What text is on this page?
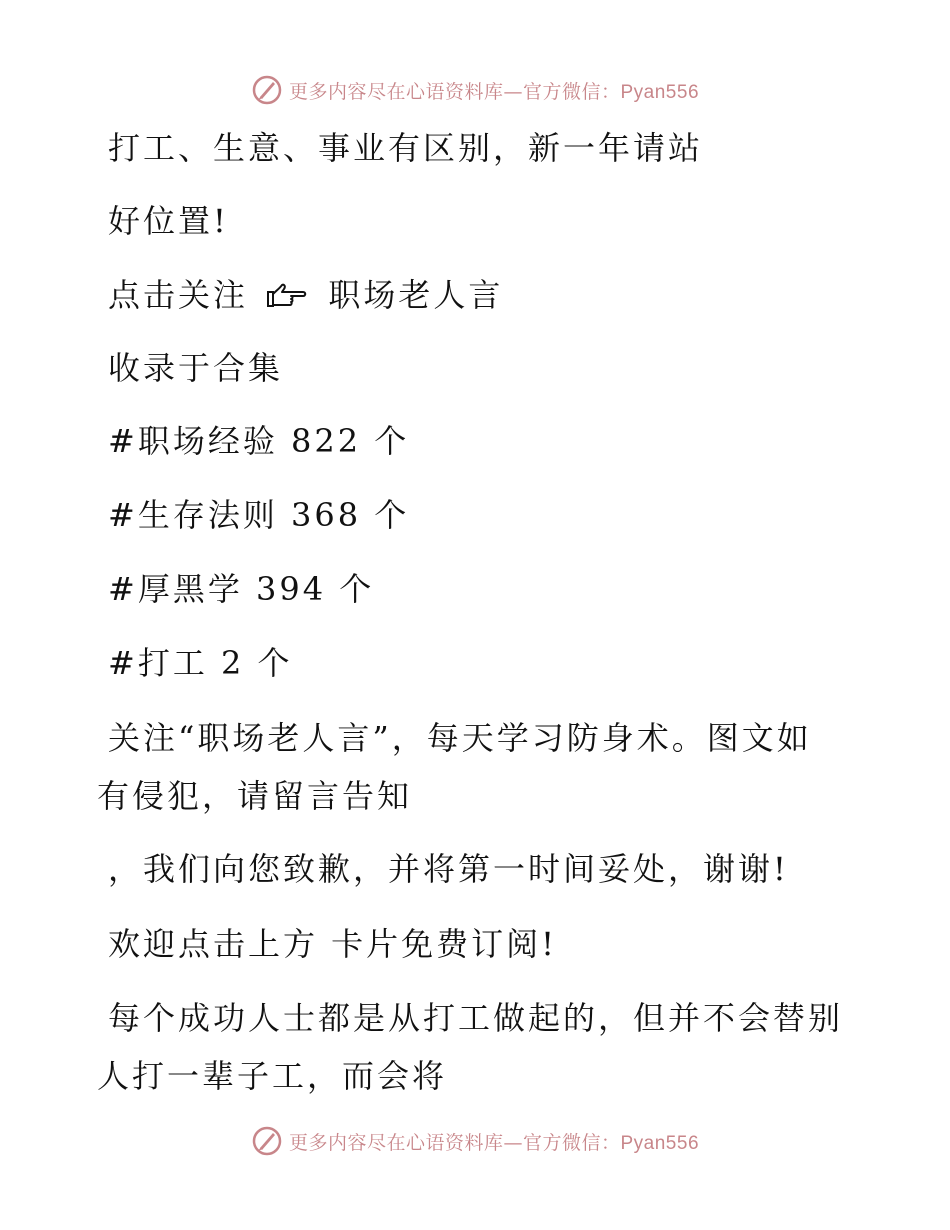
更多内容尽在心语资料库—官方微信：Pyan556
打工、生意、事业有区别，新一年请站
好位置!
点击关注	职场老人言
收录于合集
#职场经验 822 个
#生存法则 368 个
#厚黑学 394 个
#打工 2 个
关注“职场老人言”，每天学习防身术。图文如
有侵犯，请留言告知
，我们向您致歉，并将第一时间妥处，谢谢!
欢迎点击上方 卡片免费订阅!
每个成功人士都是从打工做起的，但并不会替别
人打一辈子工，而会将
更多内容尽在心语资料库—官方微信：Pyan556
